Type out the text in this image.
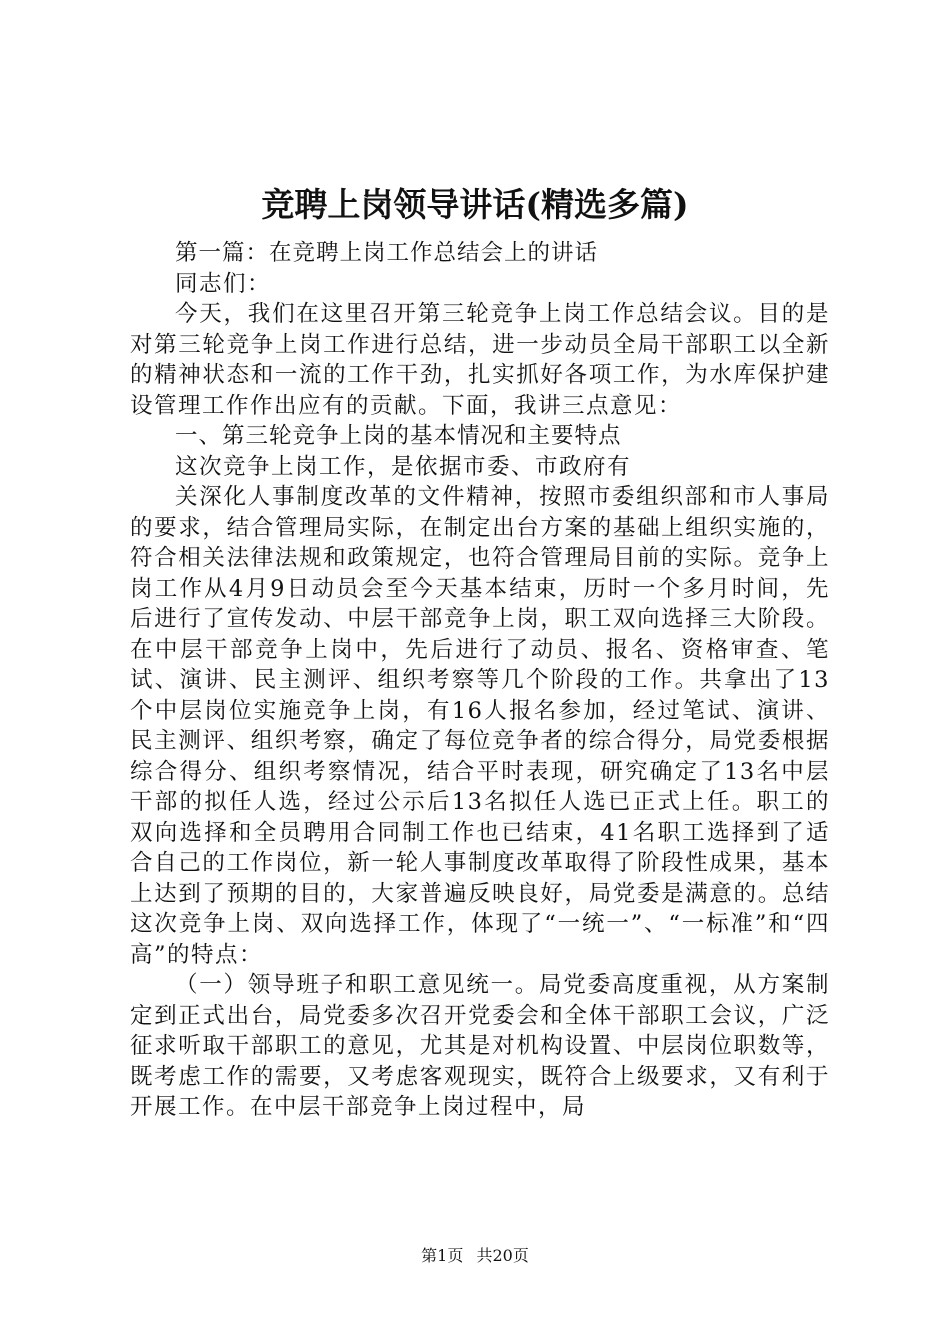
竞聘上岗领导讲话(精选多篇)

第一篇：在竞聘上岗工作总结会上的讲话

同志们：

今天，我们在这里召开第三轮竞争上岗工作总结会议。目的是对第三轮竞争上岗工作进行总结，进一步动员全局干部职工以全新的精神状态和一流的工作干劲，扎实抓好各项工作，为水库保护建设管理工作作出应有的贡献。下面，我讲三点意见：

一、第三轮竞争上岗的基本情况和主要特点

这次竞争上岗工作，是依据市委、市政府有

关深化人事制度改革的文件精神，按照市委组织部和市人事局的要求，结合管理局实际，在制定出台方案的基础上组织实施的，符合相关法律法规和政策规定，也符合管理局目前的实际。竞争上岗工作从4月9日动员会至今天基本结束，历时一个多月时间，先后进行了宣传发动、中层干部竞争上岗，职工双向选择三大阶段。在中层干部竞争上岗中，先后进行了动员、报名、资格审查、笔试、演讲、民主测评、组织考察等几个阶段的工作。共拿出了13个中层岗位实施竞争上岗，有16人报名参加，经过笔试、演讲、民主测评、组织考察，确定了每位竞争者的综合得分，局党委根据综合得分、组织考察情况，结合平时表现，研究确定了13名中层干部的拟任人选，经过公示后13名拟任人选已正式上任。职工的双向选择和全员聘用合同制工作也已结束，41名职工选择到了适合自己的工作岗位，新一轮人事制度改革取得了阶段性成果，基本上达到了预期的目的，大家普遍反映良好，局党委是满意的。总结这次竞争上岗、双向选择工作，体现了“一统一”、“一标准”和“四高”的特点：

（一）领导班子和职工意见统一。局党委高度重视，从方案制定到正式出台，局党委多次召开党委会和全体干部职工会议，广泛征求听取干部职工的意见，尤其是对机构设置、中层岗位职数等，既考虑工作的需要，又考虑客观现实，既符合上级要求，又有利于开展工作。在中层干部竞争上岗过程中，局

第1页 共20页
